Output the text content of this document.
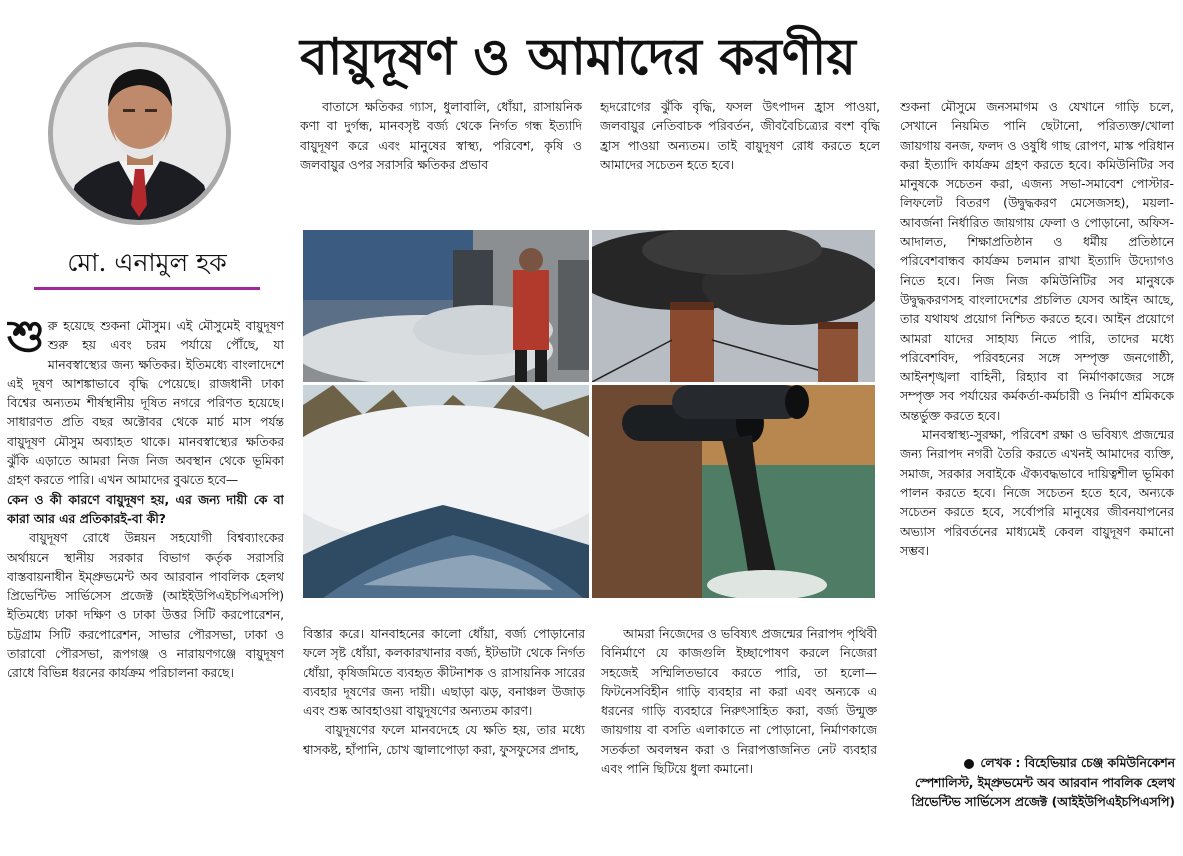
বায়ুদূষণ ও আমাদের করণীয়
মো. এনামুল হক

শুরু হয়েছে শুকনা মৌসুম। এই মৌসুমেই বায়ুদূষণ শুরু হয় এবং চরম পর্যায়ে পৌঁছে, যা মানবস্বাস্থ্যের জন্য ক্ষতিকর। ইতিমধ্যে বাংলাদেশে এই দূষণ আশঙ্কাভাবে বৃদ্ধি পেয়েছে। রাজধানী ঢাকা বিশ্বের অন্যতম শীর্ষস্থানীয় দূষিত নগরে পরিণত হয়েছে। সাধারণত প্রতি বছর অক্টোবর থেকে মার্চ মাস পর্যন্ত বায়ুদূষণ মৌসুম অব্যাহত থাকে। মানবস্বাস্থ্যের ক্ষতিকর ঝুঁকি এড়াতে আমরা নিজ নিজ অবস্থান থেকে ভূমিকা গ্রহণ করতে পারি। এখন আমাদের বুঝতে হবে—

কেন ও কী কারণে বায়ুদূষণ হয়, এর জন্য দায়ী কে বা কারা আর এর প্রতিকারই-বা কী?

বায়ুদূষণ রোধে উন্নয়ন সহযোগী বিশ্বব্যাংকের অর্থায়নে স্থানীয় সরকার বিভাগ কর্তৃক সরাসরি বাস্তবায়নাধীন ইম্প্রুভমেন্ট অব আরবান পাবলিক হেলথ প্রিভেন্টিভ সার্ভিসেস প্রজেক্ট (আইইউপিএইচপিএসপি) ইতিমধ্যে ঢাকা দক্ষিণ ও ঢাকা উত্তর সিটি করপোরেশন, চট্টগ্রাম সিটি করপোরেশন, সাভার পৌরসভা, ঢাকা ও তারাবো পৌরসভা, রূপগঞ্জ ও নারায়ণগঞ্জে বায়ুদূষণ রোধে বিভিন্ন ধরনের কার্যক্রম পরিচালনা করছে।

বাতাসে ক্ষতিকর গ্যাস, ধুলাবালি, ধোঁয়া, রাসায়নিক কণা বা দুর্গন্ধ, মানবসৃষ্ট বর্জ্য থেকে নির্গত গন্ধ ইত্যাদি বায়ুদূষণ করে এবং মানুষের স্বাস্থ্য, পরিবেশ, কৃষি ও জলবায়ুর ওপর সরাসরি ক্ষতিকর প্রভাব

হৃদরোগের ঝুঁকি বৃদ্ধি, ফসল উৎপাদন হ্রাস পাওয়া, জলবায়ুর নেতিবাচক পরিবর্তন, জীববৈচিত্র্যের বংশ বৃদ্ধি হ্রাস পাওয়া অন্যতম। তাই বায়ুদূষণ রোধ করতে হলে আমাদের সচেতন হতে হবে।

বিস্তার করে। যানবাহনের কালো ধোঁয়া, বর্জ্য পোড়ানোর ফলে সৃষ্ট ধোঁয়া, কলকারখানার বর্জ্য, ইটভাটা থেকে নির্গত ধোঁয়া, কৃষিজমিতে ব্যবহৃত কীটনাশক ও রাসায়নিক সারের ব্যবহার দূষণের জন্য দায়ী। এছাড়া ঝড়, বনাঞ্চল উজাড় এবং শুষ্ক আবহাওয়া বায়ুদূষণের অন্যতম কারণ।

বায়ুদূষণের ফলে মানবদেহে যে ক্ষতি হয়, তার মধ্যে শ্বাসকষ্ট, হাঁপানি, চোখ জ্বালাপোড়া করা, ফুসফুসের প্রদাহ,

আমরা নিজেদের ও ভবিষ্যৎ প্রজন্মের নিরাপদ পৃথিবী বিনির্মাণে যে কাজগুলি ইচ্ছাপোষণ করলে নিজেরা সহজেই সম্মিলিতভাবে করতে পারি, তা হলো— ফিটনেসবিহীন গাড়ি ব্যবহার না করা এবং অন্যকে এ ধরনের গাড়ি ব্যবহারে নিরুৎসাহিত করা, বর্জ্য উন্মুক্ত জায়গায় বা বসতি এলাকাতে না পোড়ানো, নির্মাণকাজে সতর্কতা অবলম্বন করা ও নিরাপত্তাজনিত নেট ব্যবহার এবং পানি ছিটিয়ে ধুলা কমানো।

শুকনা মৌসুমে জনসমাগম ও যেখানে গাড়ি চলে, সেখানে নিয়মিত পানি ছেটানো, পরিত্যক্ত/খোলা জায়গায় বনজ, ফলদ ও ওষুধি গাছ রোপণ, মাস্ক পরিধান করা ইত্যাদি কার্যক্রম গ্রহণ করতে হবে। কমিউনিটির সব মানুষকে সচেতন করা, এজন্য সভা-সমাবেশ পোস্টার-লিফলেট বিতরণ (উদ্বুদ্ধকরণ মেসেজসহ), ময়লা-আবর্জনা নির্ধারিত জায়গায় ফেলা ও পোড়ানো, অফিস-আদালত, শিক্ষাপ্রতিষ্ঠান ও ধর্মীয় প্রতিষ্ঠানে পরিবেশবান্ধব কার্যক্রম চলমান রাখা ইত্যাদি উদ্যোগও নিতে হবে। নিজ নিজ কমিউনিটির সব মানুষকে উদ্বুদ্ধকরণসহ বাংলাদেশের প্রচলিত যেসব আইন আছে, তার যথাযথ প্রয়োগ নিশ্চিত করতে হবে। আইন প্রয়োগে আমরা যাদের সাহায্য নিতে পারি, তাদের মধ্যে পরিবেশবিদ, পরিবহনের সঙ্গে সম্পৃক্ত জনগোষ্ঠী, আইনশৃঙ্খলা বাহিনী, রিহ্যাব বা নির্মাণকাজের সঙ্গে সম্পৃক্ত সব পর্যায়ের কর্মকর্তা-কর্মচারী ও নির্মাণ শ্রমিককে অন্তর্ভুক্ত করতে হবে।

মানবস্বাস্থ্য-সুরক্ষা, পরিবেশ রক্ষা ও ভবিষ্যৎ প্রজন্মের জন্য নিরাপদ নগরী তৈরি করতে এখনই আমাদের ব্যক্তি, সমাজ, সরকার সবাইকে ঐক্যবদ্ধভাবে দায়িত্বশীল ভূমিকা পালন করতে হবে। নিজে সচেতন হতে হবে, অন্যকে সচেতন করতে হবে, সর্বোপরি মানুষের জীবনযাপনের অভ্যাস পরিবর্তনের মাধ্যমেই কেবল বায়ুদূষণ কমানো সম্ভব।

লেখক : বিহেভিয়ার চেঞ্জ কমিউনিকেশন স্পেশালিস্ট, ইম্প্রুভমেন্ট অব আরবান পাবলিক হেলথ প্রিভেন্টিভ সার্ভিসেস প্রজেক্ট (আইইউপিএইচপিএসপি)
